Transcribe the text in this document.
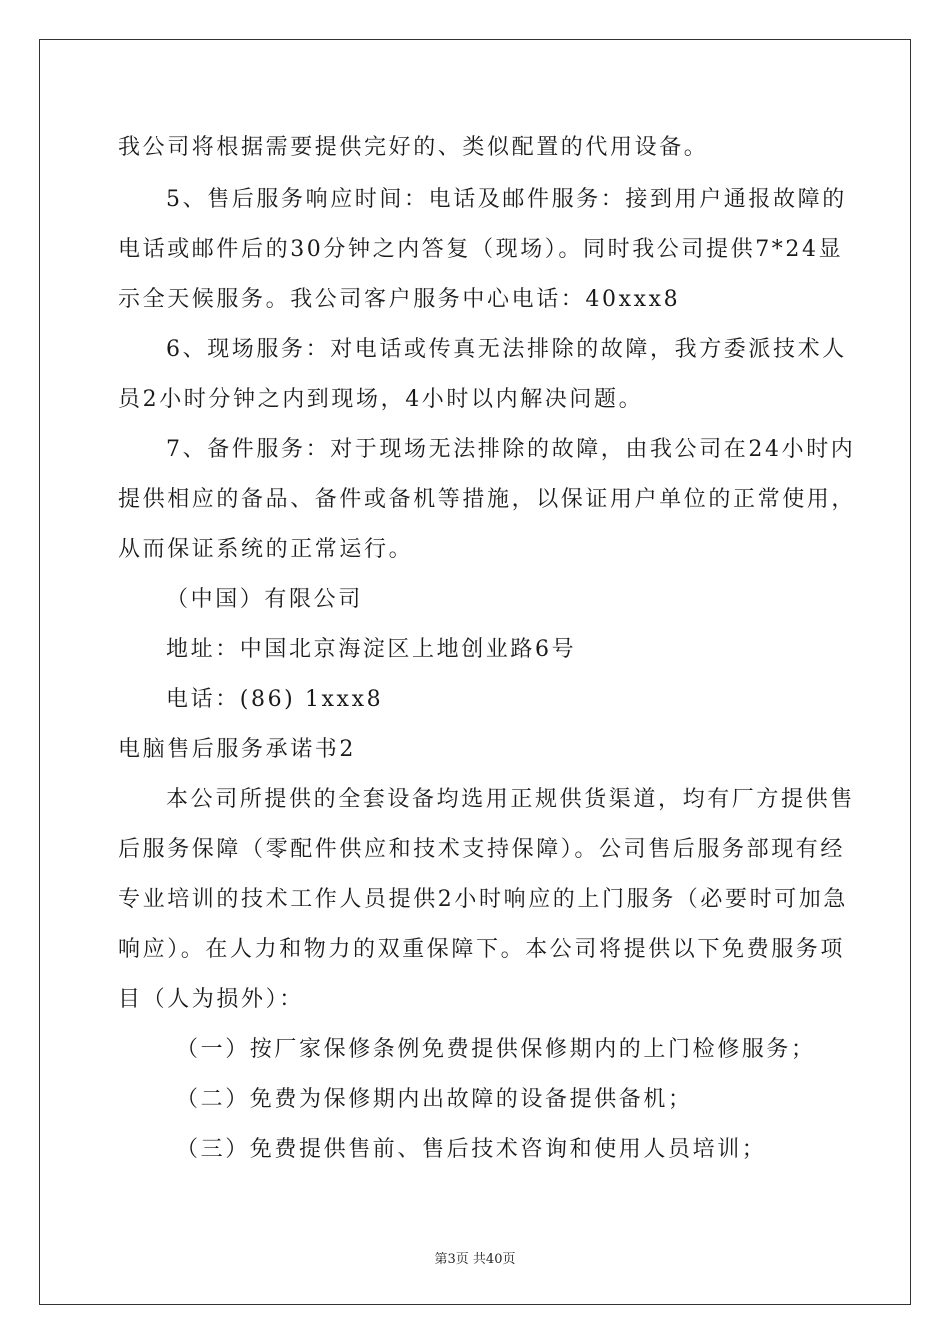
我公司将根据需要提供完好的、类似配置的代用设备。
5、售后服务响应时间：电话及邮件服务：接到用户通报故障的
电话或邮件后的30分钟之内答复（现场）。同时我公司提供7*24显
示全天候服务。我公司客户服务中心电话：40xxx8
6、现场服务：对电话或传真无法排除的故障，我方委派技术人
员2小时分钟之内到现场，4小时以内解决问题。
7、备件服务：对于现场无法排除的故障，由我公司在24小时内
提供相应的备品、备件或备机等措施，以保证用户单位的正常使用，
从而保证系统的正常运行。
（中国）有限公司
地址：中国北京海淀区上地创业路6号
电话：(86) 1xxx8
电脑售后服务承诺书2
本公司所提供的全套设备均选用正规供货渠道，均有厂方提供售
后服务保障（零配件供应和技术支持保障）。公司售后服务部现有经
专业培训的技术工作人员提供2小时响应的上门服务（必要时可加急
响应）。在人力和物力的双重保障下。本公司将提供以下免费服务项
目（人为损外）：
（一）按厂家保修条例免费提供保修期内的上门检修服务；
（二）免费为保修期内出故障的设备提供备机；
（三）免费提供售前、售后技术咨询和使用人员培训；
第3页 共40页
